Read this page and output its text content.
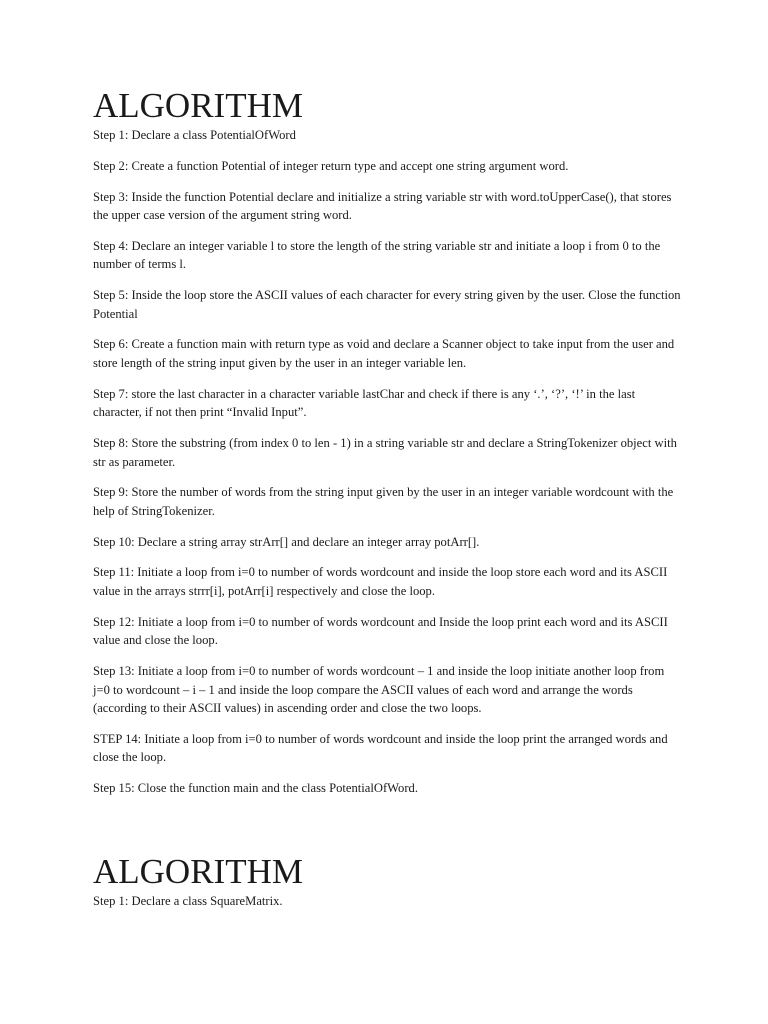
ALGORITHM

Step 1: Declare a class PotentialOfWord

Step 2: Create a function Potential of integer return type and accept one string argument word.

Step 3: Inside the function Potential declare and initialize a string variable str with word.toUpperCase(), that stores the upper case version of the argument string word.

Step 4: Declare an integer variable l to store the length of the string variable str and initiate a loop i from 0 to the number of terms l.

Step 5: Inside the loop store the ASCII values of each character for every string given by the user. Close the function Potential

Step 6: Create a function main with return type as void and declare a Scanner object to take input from the user and store length of the string input given by the user in an integer variable len.

Step 7: store the last character in a character variable lastChar and check if there is any ‘.’, ‘?’, ‘!’ in the last character, if not then print “Invalid Input”.

Step 8: Store the substring (from index 0 to len - 1) in a string variable str and declare a StringTokenizer object with str as parameter.

Step 9: Store the number of words from the string input given by the user in an integer variable wordcount with the help of StringTokenizer.

Step 10: Declare a string array strArr[] and declare an integer array potArr[].

Step 11: Initiate a loop from i=0 to number of words wordcount and inside the loop store each word and its ASCII value in the arrays strrr[i], potArr[i] respectively and close the loop.

Step 12: Initiate a loop from i=0 to number of words wordcount and Inside the loop print each word and its ASCII value and close the loop.

Step 13: Initiate a loop from i=0 to number of words wordcount – 1 and inside the loop initiate another loop from j=0 to wordcount – i – 1 and inside the loop compare the ASCII values of each word and arrange the words (according to their ASCII values) in ascending order and close the two loops.

STEP 14: Initiate a loop from i=0 to number of words wordcount and inside the loop print the arranged words and close the loop.

Step 15: Close the function main and the class PotentialOfWord.

ALGORITHM

Step 1: Declare a class SquareMatrix.
